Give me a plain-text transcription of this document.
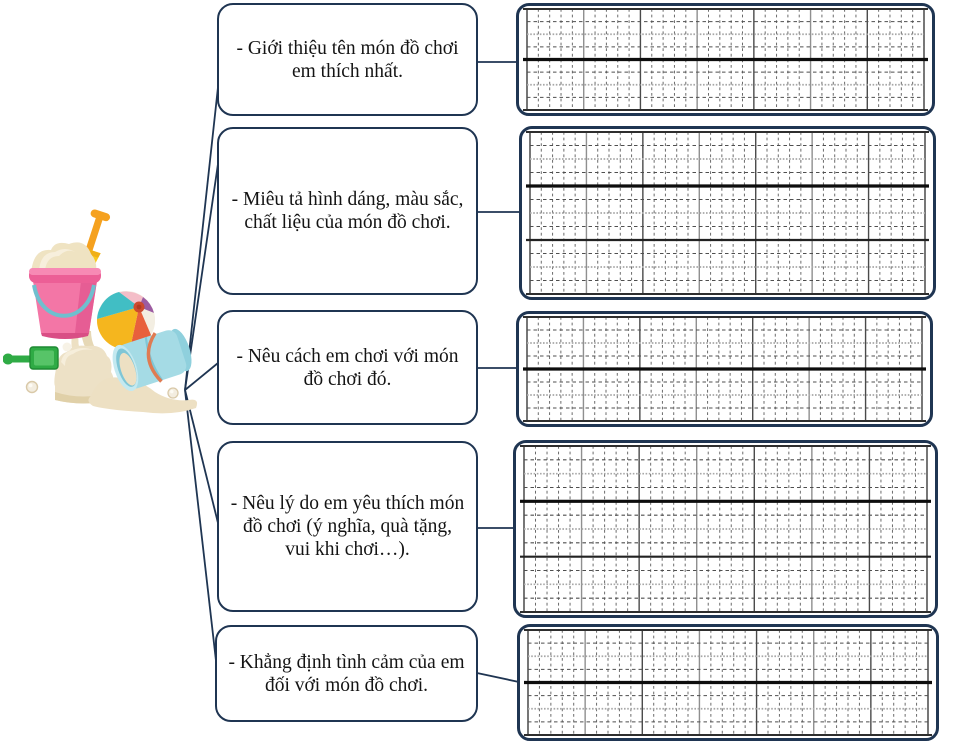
- Giới thiệu tên món đồ chơi em thích nhất.
- Miêu tả hình dáng, màu sắc, chất liệu của món đồ chơi.
- Nêu cách em chơi với món đồ chơi đó.
- Nêu lý do em yêu thích món đồ chơi (ý nghĩa, quà tặng, vui khi chơi…).
- Khẳng định tình cảm của em đối với món đồ chơi.
